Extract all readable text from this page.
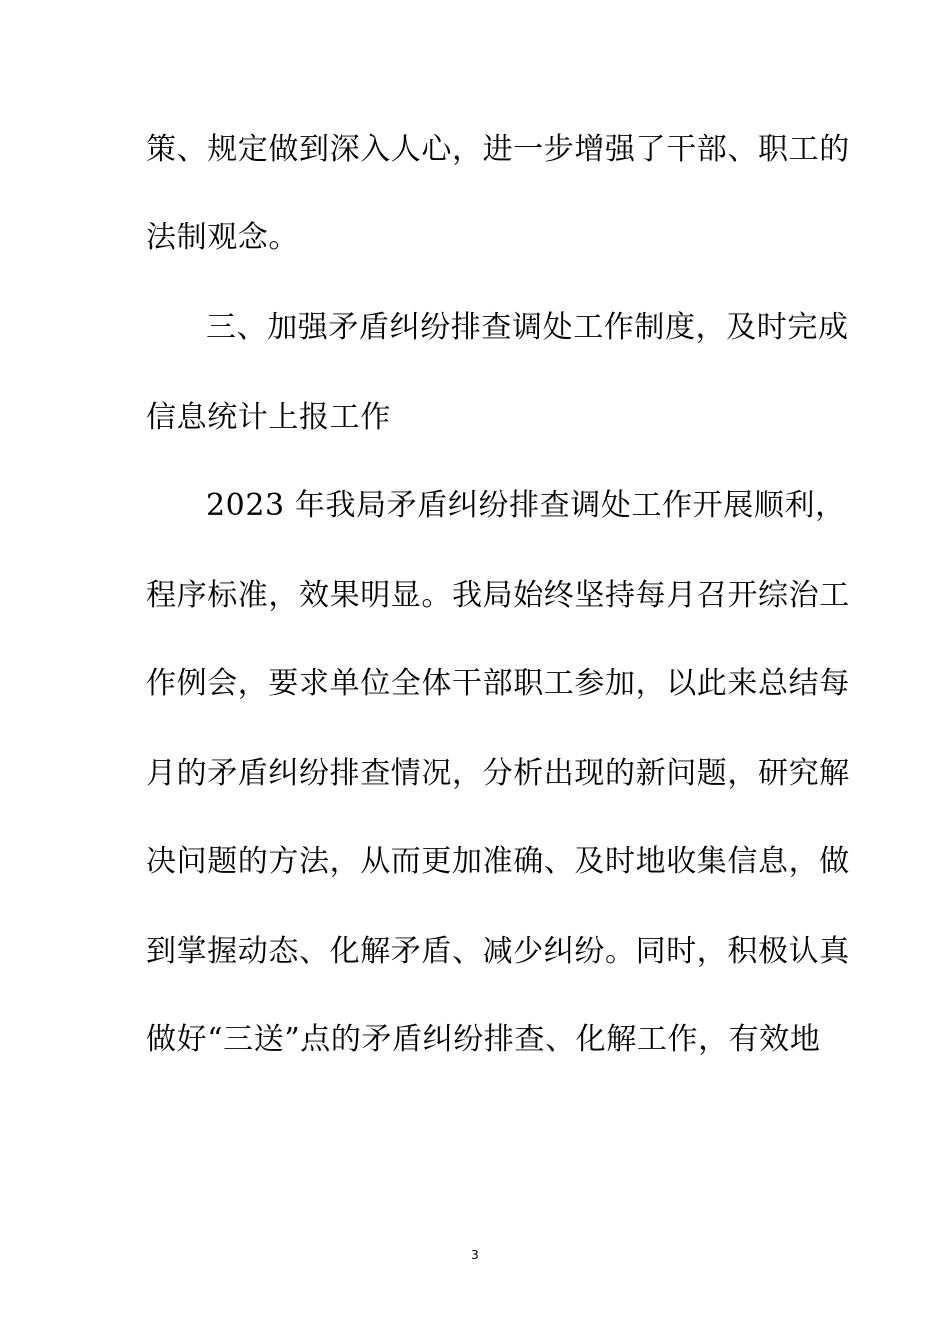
策、规定做到深入人心，进一步增强了干部、职工的
法制观念。
三、加强矛盾纠纷排查调处工作制度，及时完成
信息统计上报工作
2023 年我局矛盾纠纷排查调处工作开展顺利，
程序标准，效果明显。我局始终坚持每月召开综治工
作例会，要求单位全体干部职工参加，以此来总结每
月的矛盾纠纷排查情况，分析出现的新问题，研究解
决问题的方法，从而更加准确、及时地收集信息，做
到掌握动态、化解矛盾、减少纠纷。同时，积极认真
做好“三送”点的矛盾纠纷排查、化解工作，有效地
3
